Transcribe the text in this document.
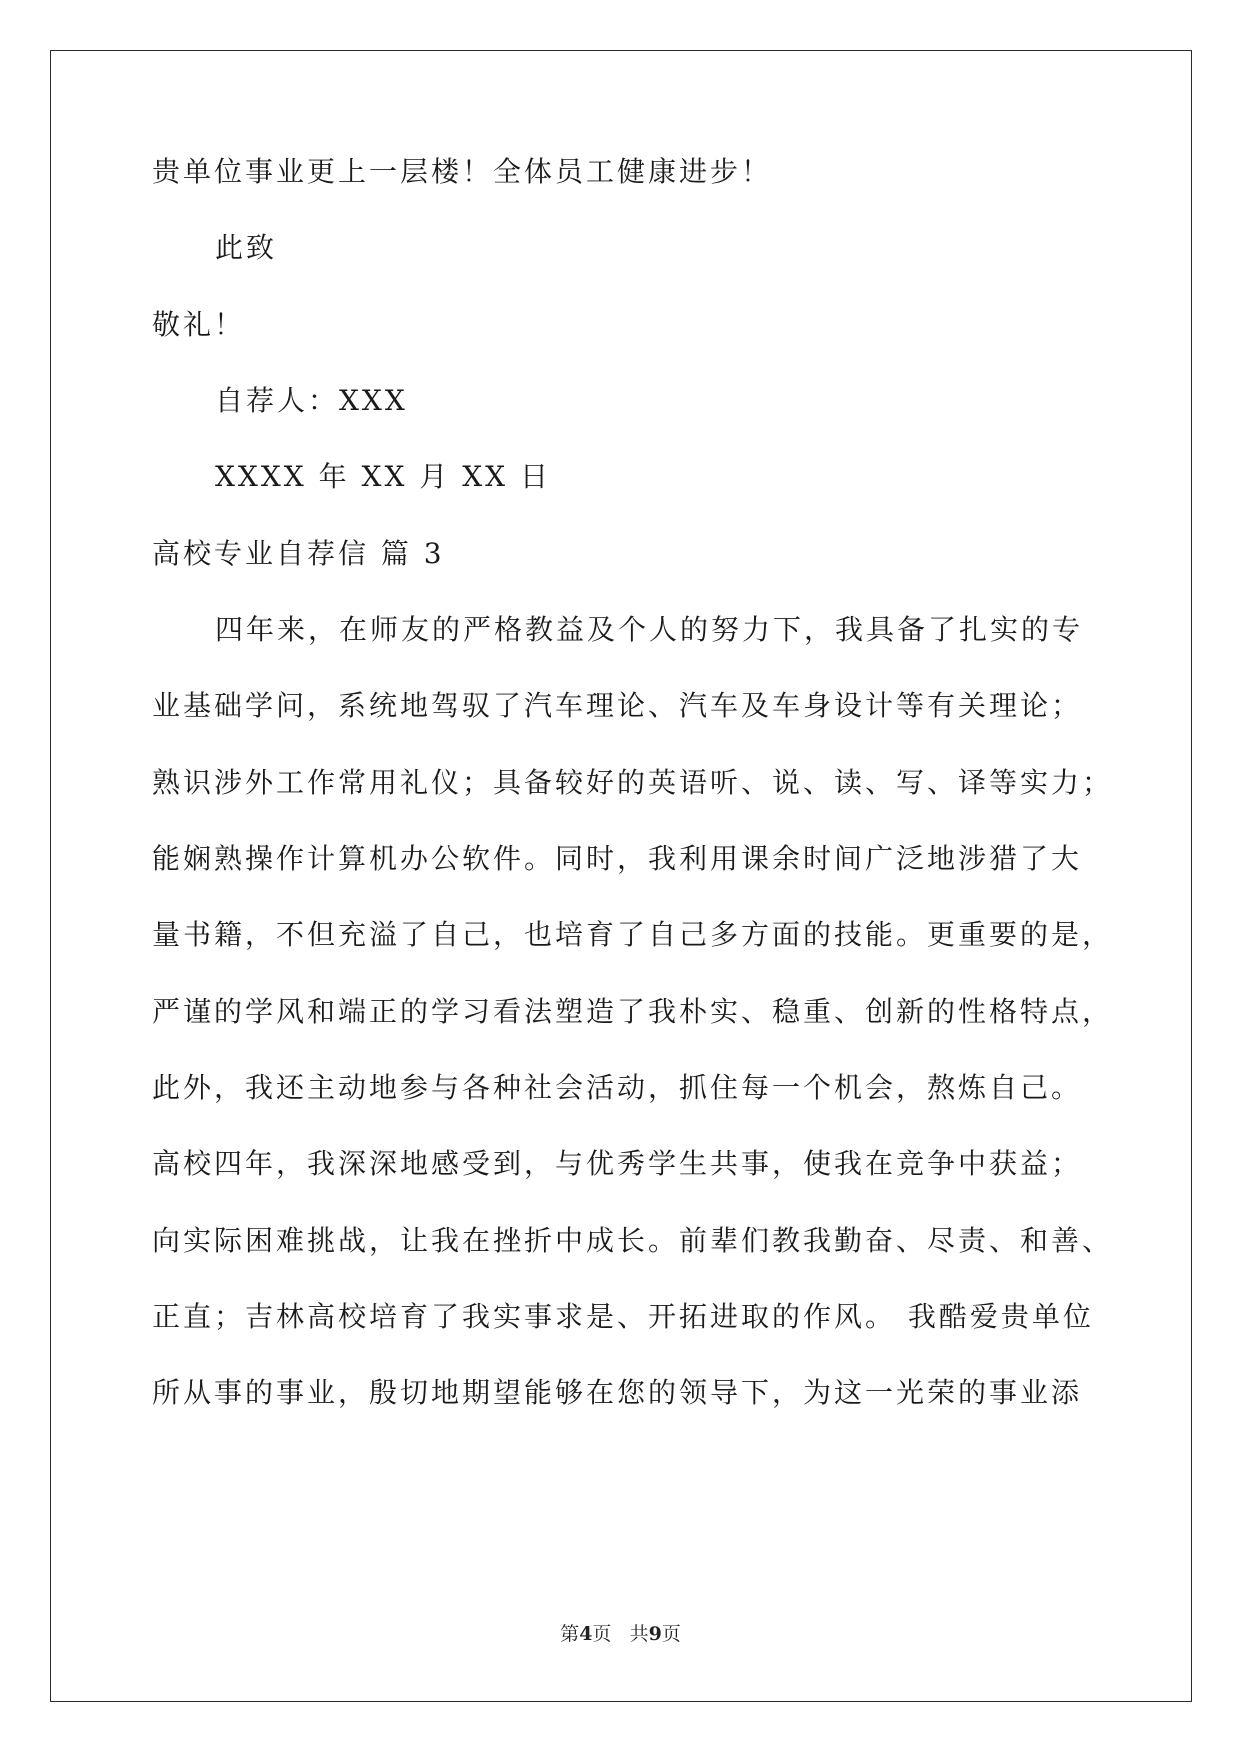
贵单位事业更上一层楼！全体员工健康进步！
此致
敬礼！
自荐人：XXX
XXXX 年 XX 月 XX 日
高校专业自荐信 篇 3
四年来，在师友的严格教益及个人的努力下，我具备了扎实的专
业基础学问，系统地驾驭了汽车理论、汽车及车身设计等有关理论；
熟识涉外工作常用礼仪；具备较好的英语听、说、读、写、译等实力；
能娴熟操作计算机办公软件。同时，我利用课余时间广泛地涉猎了大
量书籍，不但充溢了自己，也培育了自己多方面的技能。更重要的是，
严谨的学风和端正的学习看法塑造了我朴实、稳重、创新的性格特点，
此外，我还主动地参与各种社会活动，抓住每一个机会，熬炼自己。
高校四年，我深深地感受到，与优秀学生共事，使我在竞争中获益；
向实际困难挑战，让我在挫折中成长。前辈们教我勤奋、尽责、和善、
正直；吉林高校培育了我实事求是、开拓进取的作风。 我酷爱贵单位
所从事的事业，殷切地期望能够在您的领导下，为这一光荣的事业添
第4页 共9页
